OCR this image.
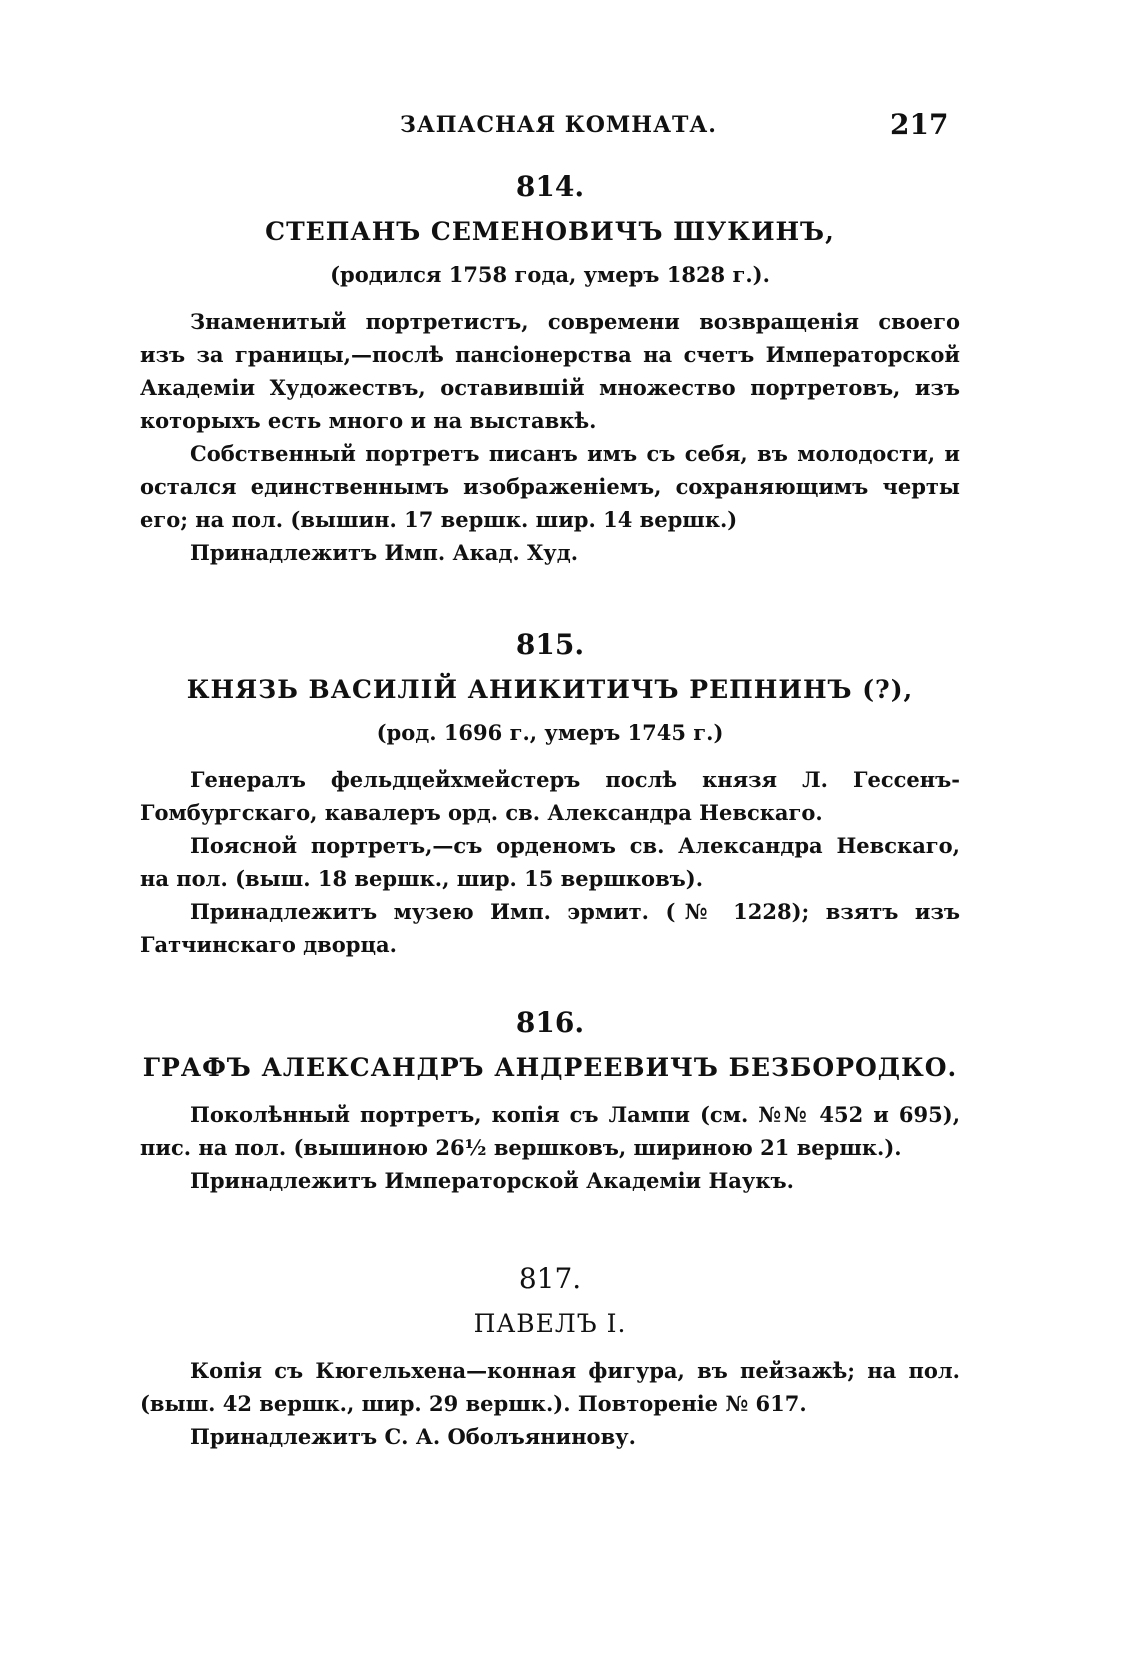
ЗАПАСНАЯ КОМНАТА.	217
814.
СТЕПАНЪ СЕМЕНОВИЧЪ ШУКИНЪ,
(родился 1758 года, умеръ 1828 г.).

Знаменитый портретистъ, современи возвращенія своего изъ за границы,—послѣ пансіонерства на счетъ Императорской Академіи Художествъ, оставившій множество портретовъ, изъ которыхъ есть много и на выставкѣ.

Собственный портретъ писанъ имъ съ себя, въ молодости, и остался единственнымъ изображеніемъ, сохраняющимъ черты его; на пол. (вышин. 17 вершк. шир. 14 вершк.)

Принадлежитъ Имп. Акад. Худ.

815.
КНЯЗЬ ВАСИЛІЙ АНИКИТИЧЪ РЕПНИНЪ (?),
(род. 1696 г., умеръ 1745 г.)

Генералъ фельдцейхмейстеръ послѣ князя Л. Гессенъ-Гомбургскаго, кавалеръ орд. св. Александра Невскаго.

Поясной портретъ,—съ орденомъ св. Александра Невскаго, на пол. (выш. 18 вершк., шир. 15 вершковъ).

Принадлежитъ музею Имп. эрмит. (№ 1228); взятъ изъ Гатчинскаго дворца.

816.
ГРАФЪ АЛЕКСАНДРЪ АНДРЕЕВИЧЪ БЕЗБОРОДКО.

Поколѣнный портретъ, копія съ Лампи (см. №№ 452 и 695), пис. на пол. (вышиною 26½ вершковъ, шириною 21 вершк.).

Принадлежитъ Императорской Академіи Наукъ.

817.
ПАВЕЛЪ I.

Копія съ Кюгельхена—конная фигура, въ пейзажѣ; на пол. (выш. 42 вершк., шир. 29 вершк.). Повтореніе № 617.

Принадлежитъ С. А. Оболъянинову.
